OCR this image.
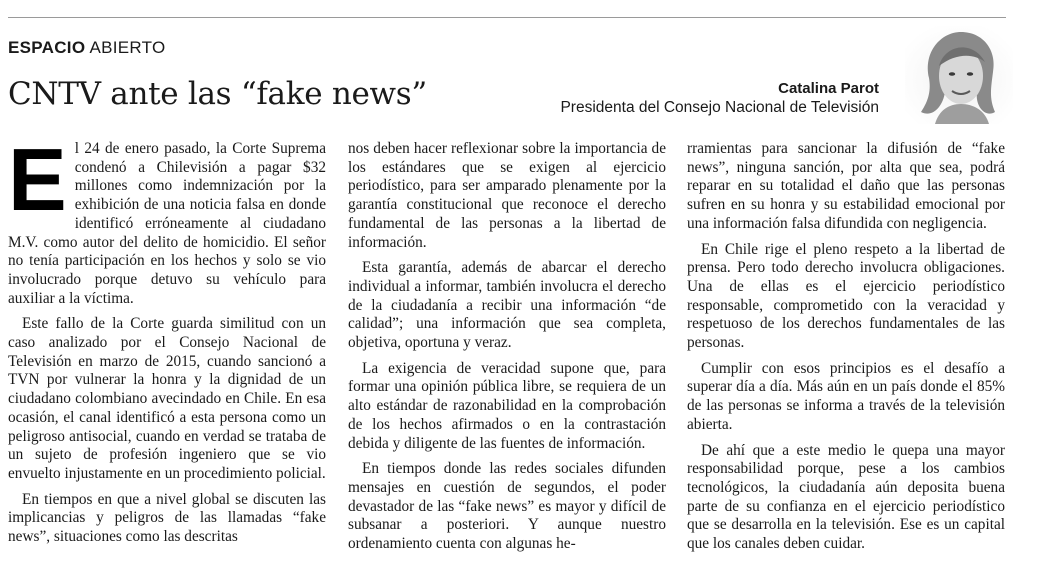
ESPACIO ABIERTO
CNTV ante las “fake news”	Catalina Parot
Presidenta del Consejo Nacional de Televisión

El 24 de enero pasado, la Corte Suprema condenó a Chilevisión a pagar $32 millones como indemnización por la exhibición de una noticia falsa en donde identificó erróneamente al ciudadano M.V. como autor del delito de homicidio. El señor no tenía participación en los hechos y solo se vio involucrado porque detuvo su vehículo para auxiliar a la víctima.

Este fallo de la Corte guarda similitud con un caso analizado por el Consejo Nacional de Televisión en marzo de 2015, cuando sancionó a TVN por vulnerar la honra y la dignidad de un ciudadano colombiano avecindado en Chile. En esa ocasión, el canal identificó a esta persona como un peligroso antisocial, cuando en verdad se trataba de un sujeto de profesión ingeniero que se vio envuelto injustamente en un procedimiento policial.

En tiempos en que a nivel global se discuten las implicancias y peligros de las llamadas “fake news”, situaciones como las descritas

nos deben hacer reflexionar sobre la importancia de los estándares que se exigen al ejercicio periodístico, para ser amparado plenamente por la garantía constitucional que reconoce el derecho fundamental de las personas a la libertad de información.

Esta garantía, además de abarcar el derecho individual a informar, también involucra el derecho de la ciudadanía a recibir una información “de calidad”; una información que sea completa, objetiva, oportuna y veraz.

La exigencia de veracidad supone que, para formar una opinión pública libre, se requiera de un alto estándar de razonabilidad en la comprobación de los hechos afirmados o en la contrastación debida y diligente de las fuentes de información.

En tiempos donde las redes sociales difunden mensajes en cuestión de segundos, el poder devastador de las “fake news” es mayor y difícil de subsanar a posteriori. Y aunque nuestro ordenamiento cuenta con algunas he-

rramientas para sancionar la difusión de “fake news”, ninguna sanción, por alta que sea, podrá reparar en su totalidad el daño que las personas sufren en su honra y su estabilidad emocional por una información falsa difundida con negligencia.

En Chile rige el pleno respeto a la libertad de prensa. Pero todo derecho involucra obligaciones. Una de ellas es el ejercicio periodístico responsable, comprometido con la veracidad y respetuoso de los derechos fundamentales de las personas.

Cumplir con esos principios es el desafío a superar día a día. Más aún en un país donde el 85% de las personas se informa a través de la televisión abierta.

De ahí que a este medio le quepa una mayor responsabilidad porque, pese a los cambios tecnológicos, la ciudadanía aún deposita buena parte de su confianza en el ejercicio periodístico que se desarrolla en la televisión. Ese es un capital que los canales deben cuidar.
